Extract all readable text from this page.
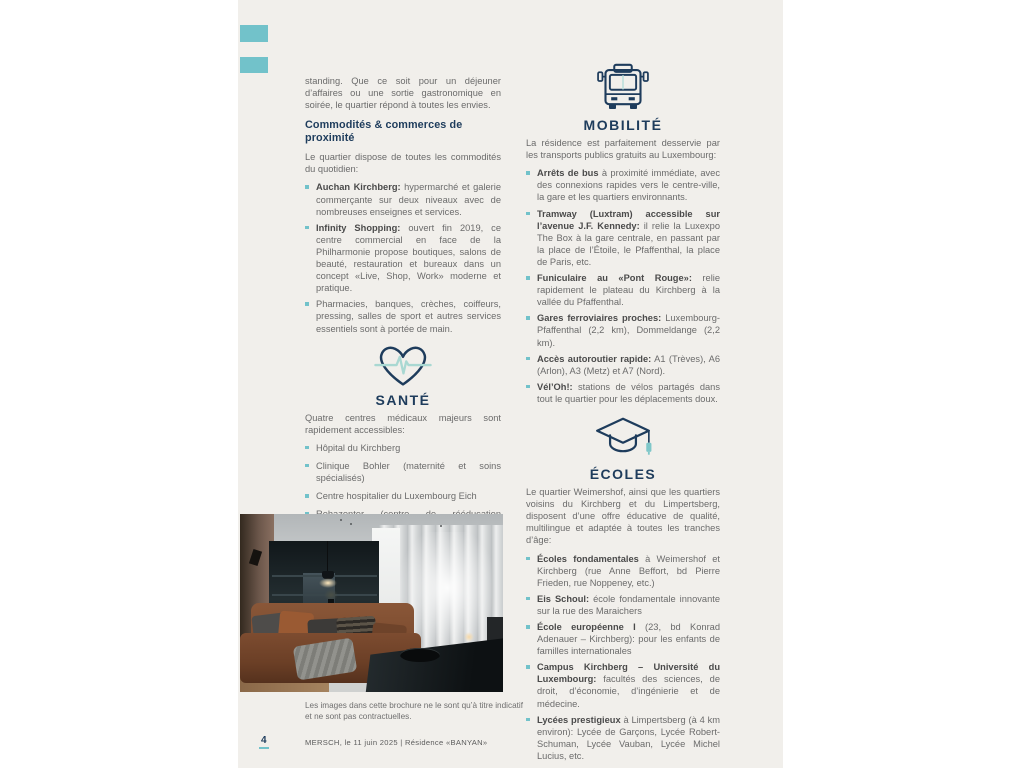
standing. Que ce soit pour un déjeuner d’affaires ou une sortie gastronomique en soirée, le quartier répond à toutes les envies.

Commodités & commerces de proximité

Le quartier dispose de toutes les commodités du quotidien:

Auchan Kirchberg: hypermarché et galerie commerçante sur deux niveaux avec de nombreuses enseignes et services.
Infinity Shopping: ouvert fin 2019, ce centre commercial en face de la Philharmonie propose boutiques, salons de beauté, restauration et bureaux dans un concept «Live, Shop, Work» moderne et pratique.
Pharmacies, banques, crèches, coiffeurs, pressing, salles de sport et autres services essentiels sont à portée de main.
SANTÉ

Quatre centres médicaux majeurs sont rapidement accessibles:

Hôpital du Kirchberg
Clinique Bohler (maternité et soins spécialisés)
Centre hospitalier du Luxembourg Eich

MOBILITÉ

La résidence est parfaitement desservie par les transports publics gratuits au Luxembourg:

Arrêts de bus à proximité immédiate, avec des connexions rapides vers le centre-ville, la gare et les quartiers environnants.
Tramway (Luxtram) accessible sur l’avenue J.F. Kennedy: il relie la Luxexpo The Box à la gare centrale, en passant par la place de l’Étoile, le Pfaffenthal, la place de Paris, etc.
Funiculaire au «Pont Rouge»: relie rapidement le plateau du Kirchberg à la vallée du Pfaffenthal.
Gares ferroviaires proches: Luxembourg-Pfaffenthal (2,2 km), Dommeldange (2,2 km).
Accès autoroutier rapide: A1 (Trèves), A6 (Arlon), A3 (Metz) et A7 (Nord).
Vél’Oh!: stations de vélos partagés dans tout le quartier pour les déplacements doux.
ÉCOLES

Le quartier Weimershof, ainsi que les quartiers voisins du Kirchberg et du Limpertsberg, disposent d’une offre éducative de qualité, multilingue et adaptée à toutes les tranches d’âge:

Écoles fondamentales à Weimershof et Kirchberg (rue Anne Beffort, bd Pierre Frieden, rue Noppeney, etc.)
Eis Schoul: école fondamentale innovante sur la rue des Maraichers
École européenne I (23, bd Konrad Adenauer – Kirchberg): pour les enfants de familles internationales
Campus Kirchberg – Université du Luxembourg: facultés des sciences, de droit, d’économie, d’ingénierie et de médecine.
Lycées prestigieux à Limpertsberg (à 4 km environ): Lycée de Garçons, Lycée Robert-Schuman, Lycée Vauban, Lycée Michel Lucius, etc.
Les images dans cette brochure ne le sont qu’à titre indicatif et ne sont pas contractuelles.
4	MERSCH, le 11 juin 2025 | Résidence «BANYAN»
